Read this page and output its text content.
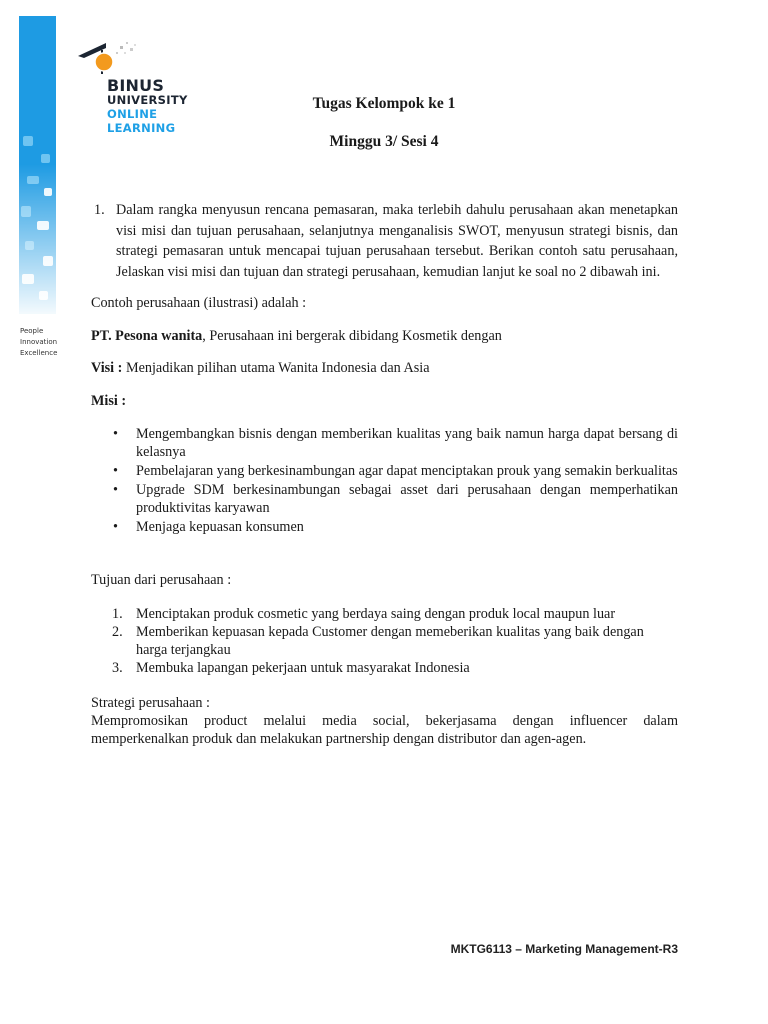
BINUS
UNIVERSITY
ONLINE
LEARNING
People
Innovation
Excellence
Tugas Kelompok ke 1
Minggu 3/ Sesi 4
1. Dalam rangka menyusun rencana pemasaran, maka terlebih dahulu perusahaan akan menetapkan visi misi dan tujuan perusahaan, selanjutnya menganalisis SWOT, menyusun strategi bisnis, dan strategi pemasaran untuk mencapai tujuan perusahaan tersebut. Berikan contoh satu perusahaan, Jelaskan visi misi dan tujuan dan strategi perusahaan, kemudian lanjut ke soal no 2 dibawah ini.

Contoh perusahaan (ilustrasi) adalah :

PT. Pesona wanita, Perusahaan ini bergerak dibidang Kosmetik dengan

Visi : Menjadikan pilihan utama Wanita Indonesia dan Asia

Misi :

•	Mengembangkan bisnis dengan memberikan kualitas yang baik namun harga dapat bersang di kelasnya
•	Pembelajaran yang berkesinambungan agar dapat menciptakan prouk yang semakin berkualitas
•	Upgrade SDM berkesinambungan sebagai asset dari perusahaan dengan memperhatikan produktivitas karyawan
•	Menjaga kepuasan konsumen

Tujuan dari perusahaan :

1. Menciptakan produk cosmetic yang berdaya saing dengan produk local maupun luar
2. Memberikan kepuasan kepada Customer dengan memeberikan kualitas yang baik dengan harga terjangkau
3. Membuka lapangan pekerjaan untuk masyarakat Indonesia

Strategi perusahaan :

Mempromosikan product melalui media social, bekerjasama dengan influencer dalam memperkenalkan produk dan melakukan partnership dengan distributor dan agen-agen.

MKTG6113 – Marketing Management-R3
